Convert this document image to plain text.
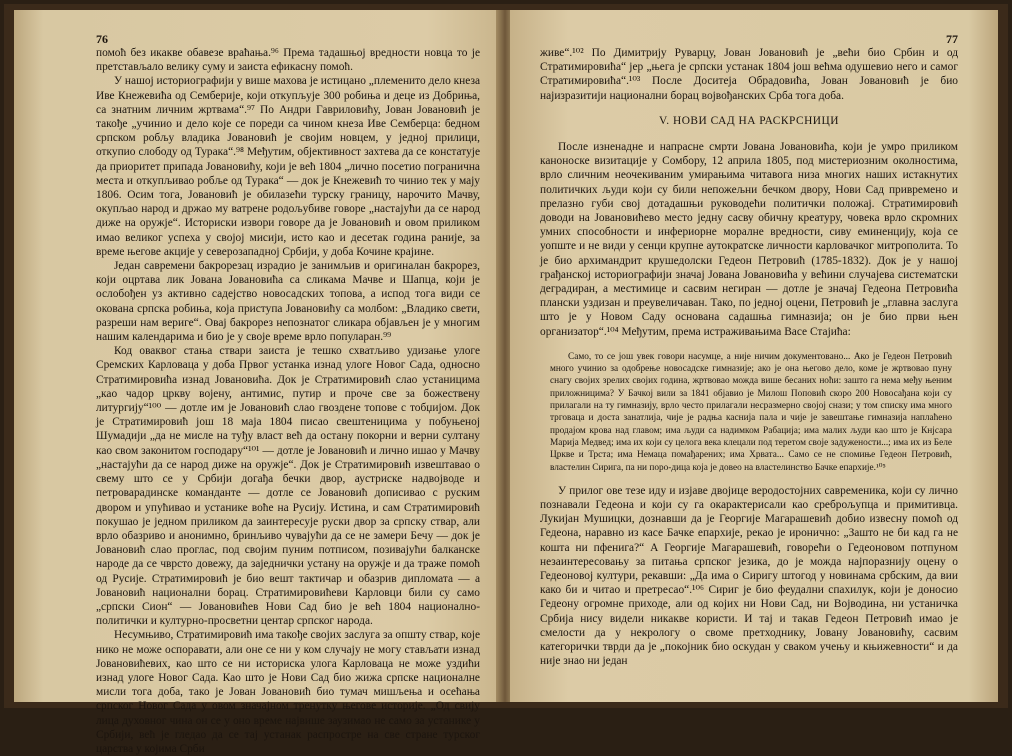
76

помоћ без икакве обавезе враћања.⁹⁶ Према тадашњој вредности новца то је претстављало велику суму и заиста ефикасну помоћ.

У нашој историографији у више махова је истицано „племенито дело кнеза Иве Кнежевића од Семберије, који откупљује 300 робиња и деце из Добриња, са знатним личним жртвама“.⁹⁷ По Андри Гавриловићу, Јован Јовановић је такође „учинио и дело које се пореди са чином кнеза Иве Семберца: бедном српском робљу владика Јовановић је својим новцем, у једној прилици, откупио слободу од Турака“.⁹⁸ Међутим, објективност захтева да се констатује да приоритет припада Јовановићу, који је већ 1804 „лично посетио погранична места и откупљивао робље од Турака“ — док је Кнежевић то чинио тек у мају 1806. Осим тога, Јовановић је обилазећи турску границу, нарочито Мачву, окупљао народ и држао му ватрене родољубиве говоре „настајући да се народ диже на оружје“. Историски извори говоре да је Јовановић и овом приликом имао великог успеха у својој мисији, исто као и десетак година раније, за време његове акције у северозападној Србији, у доба Кочине крајине.

Један савремени бакрорезац израдио је занимљив и оригиналан бакрорез, који оцртава лик Јована Јовановића са сликама Мачве и Шапца, који је ослобођен уз активно садејство новосадских топова, а испод тога види се окована српска робиња, која приступа Јовановићу са молбом: „Владико свети, разреши нам вериге“. Овај бакрорез непознатог сликара објављен је у многим нашим календарима и био је у своје време врло популаран.⁹⁹

Код оваквог стања ствари заиста је тешко схватљиво удизање улоге Сремских Карловаца у доба Првог устанка изнад улоге Новог Сада, односно Стратимировића изнад Јовановића. Док је Стратимировић слао устаницима „као чадор цркву војену, антимис, путир и проче све за божествену литургију“¹⁰⁰ — дотле им је Јовановић слао гвоздене топове с тобџијом. Док је Стратимировић још 18 маја 1804 писао свештеницима у побуњеној Шумадији „да не мисле на туђу власт већ да остану покорни и верни султану као свом законитом господару“¹⁰¹ — дотле је Јовановић и лично ишао у Мачву „настајући да се народ диже на оружје“. Док је Стратимировић извештавао о свему што се у Србији догађа бечки двор, аустриске надвојводе и петроварадинске команданте — дотле се Јовановић дописивао с руским двором и упућивао и устанике воће на Русију. Истина, и сам Стратимировић покушао је једном приликом да заинтересује руски двор за српску ствар, али врло обазриво и анонимно, бринљиво чувајући да се не замери Бечу — док је Јовановић слао проглас, под својим пуним потписом, позивајући балканске народе да се чврсто довежу, да заједнички устану на оружје и да траже помоћ од Русије. Стратимировић је био вешт тактичар и обазрив дипломата — а Јовановић национални борац. Стратимировићеви Карловци били су само „српски Сион“ — Јовановићев Нови Сад био је већ 1804 национално-политички и културно-просветни центар српског народа.

Несумњиво, Стратимировић има такође својих заслуга за општу ствар, које нико не може оспоравати, али оне се ни у ком случају не могу стављати изнад Јовановићевих, као што се ни историска улога Карловаца не може уздићи изнад улоге Новог Сада. Као што је Нови Сад био жижа српске националне мисли тога доба, тако је Јован Јовановић био тумач мишљења и осећања српског Новог Сада у овом значајном тренутку његове историје. „Од свију лица духовног чина он се у оно време највише заузимао не само за устанике у Србији, већ је гледао да се тај устанак распростре на све стране турског царства у којима Срби

77

живе“.¹⁰² По Димитрију Руварцу, Јован Јовановић је „већи био Србин и од Стратимировића“ јер „њега је српски устанак 1804 још већма одушевио него и самог Стратимировића“.¹⁰³ После Доситеја Обрадовића, Јован Јовановић је био најизразитији национални борац војвођанских Срба тога доба.

V. НОВИ САД НА РАСКРСНИЦИ

После изненадне и напрасне смрти Јована Јовановића, који је умро приликом каноноске визитације у Сомбору, 12 априла 1805, под мистериозним околностима, врло сличним неочекиваним умирањима читавога низа многих наших истакнутих политичких људи који су били непожељни бечком двору, Нови Сад привремено и прелазно губи свој дотадашњи руководећи политички положај. Стратимировић доводи на Јовановићево место једну сасву обичну креатуру, човека врло скромних умних способности и инфериорне моралне вредности, сиву еминенцију, која се уопште и не види у сенци крупне аутократске личности карловачког митрополита. То је био архимандрит крушедолски Гедеон Петровић (1785-1832). Док је у нашој грађанској историографији значај Јована Јовановића у већини случајева систематски деградиран, а местимице и сасвим негиран — дотле је значај Гедеона Петровића плански уздизан и преувеличаван. Тако, по једној оцени, Петровић је „главна заслуга што је у Новом Саду основана садашња гимназија; он је био први њен организатор“.¹⁰⁴ Међутим, према истраживањима Васе Стајића:

Само, то се још увек говори насумце, а није ничим документовано... Ако је Гедеон Петровић много учинио за одобрење новосадске гимназије; ако је она његово дело, коме је жртвовао пуну снагу својих зрелих својих година, жртвовао можда више бесаних ноћи: зашто га нема међу њеним приложницима? У Бачкој вили за 1841 објавио је Милош Поповић скоро 200 Новосађана који су прилагали на ту гимназију, врло често прилагали несразмерно својој снази; у том списку има много трговаца и доста занатлија, чије је радња каснија пала и чије је завештање гимназија наплаћено продајом крова над главом; има људи са надимком Рабација; има малих људи као што је Кнјсара Марија Медвед; има их који су целога века клецали под теретом своје задужености...; има их из Беле Цркве и Трста; има Немаца помађарених; има Хрвата... Само се не спомиње Гедеон Петровић, властелин Сирига, па ни поро-дица која је довео на властелинство Бачке епархије.¹⁰⁵

У прилог ове тезе иду и изјаве двојице веродостојних савременика, који су лично познавали Гедеона и који су га окарактерисали као среброљупца и примитивца. Лукијан Мушицки, дознавши да је Георгије Магарашевић добио извесну помоћ од Гедеона, наравно из касе Бачке епархије, рекао је иронично: „Зашто не би кад га не кошта ни пфенига?“ А Георгије Магарашевић, говорећи о Гедеоновом потпуном незаинтересовању за питања српског језика, до је можда најпоразнију оцену о Гедеоновој култури, рекавши: „Да има о Сиригу штогод у новинама србским, да вии како би и читао и претресао“.¹⁰⁶ Сириг је био феудални спахилук, који је доносио Гедеону огромне приходе, али од којих ни Нови Сад, ни Војводина, ни устаничка Србија нису видели никакве користи. И тај и такав Гедеон Петровић имао је смелости да у некрологу о своме претходнику, Јовану Јовановићу, сасвим категорички тврди да је „покојник био оскудан у сваком учењу и књижевности“ и да није знао ни један
